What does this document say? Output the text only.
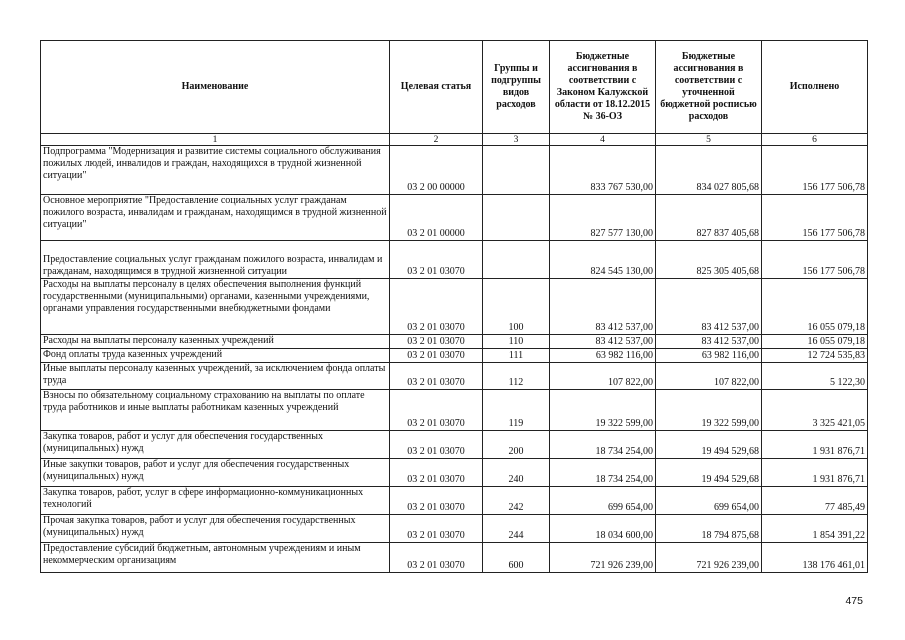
Наименование	Целевая статья	Группы и подгруппы видов расходов	Бюджетные ассигнования в соответствии с Законом Калужской области от 18.12.2015 № 36-ОЗ	Бюджетные ассигнования в соответствии с уточненной бюджетной росписью расходов	Исполнено
1	2	3	4	5	6
Подпрограмма "Модернизация и развитие системы социального обслуживания пожилых людей, инвалидов и граждан, находящихся в трудной жизненной ситуации"	03 2 00 00000		833 767 530,00	834 027 805,68	156 177 506,78
Основное мероприятие "Предоставление социальных услуг гражданам пожилого возраста, инвалидам и гражданам, находящимся в трудной жизненной ситуации"	03 2 01 00000		827 577 130,00	827 837 405,68	156 177 506,78
Предоставление социальных услуг гражданам пожилого возраста, инвалидам и гражданам, находящимся в трудной жизненной ситуации	03 2 01 03070		824 545 130,00	825 305 405,68	156 177 506,78
Расходы на выплаты персоналу в целях обеспечения выполнения функций государственными (муниципальными) органами, казенными учреждениями, органами управления государственными внебюджетными фондами	03 2 01 03070	100	83 412 537,00	83 412 537,00	16 055 079,18
Расходы на выплаты персоналу казенных учреждений	03 2 01 03070	110	83 412 537,00	83 412 537,00	16 055 079,18
Фонд оплаты труда казенных учреждений	03 2 01 03070	111	63 982 116,00	63 982 116,00	12 724 535,83
Иные выплаты персоналу казенных учреждений, за исключением фонда оплаты труда	03 2 01 03070	112	107 822,00	107 822,00	5 122,30
Взносы по обязательному социальному страхованию на выплаты по оплате труда работников и иные выплаты работникам казенных учреждений	03 2 01 03070	119	19 322 599,00	19 322 599,00	3 325 421,05
Закупка товаров, работ и услуг для обеспечения государственных (муниципальных) нужд	03 2 01 03070	200	18 734 254,00	19 494 529,68	1 931 876,71
Иные закупки товаров, работ и услуг для обеспечения государственных (муниципальных) нужд	03 2 01 03070	240	18 734 254,00	19 494 529,68	1 931 876,71
Закупка товаров, работ, услуг в сфере информационно-коммуникационных технологий	03 2 01 03070	242	699 654,00	699 654,00	77 485,49
Прочая закупка товаров, работ и услуг для обеспечения государственных (муниципальных) нужд	03 2 01 03070	244	18 034 600,00	18 794 875,68	1 854 391,22
Предоставление субсидий бюджетным, автономным учреждениям и иным некоммерческим организациям	03 2 01 03070	600	721 926 239,00	721 926 239,00	138 176 461,01
475
